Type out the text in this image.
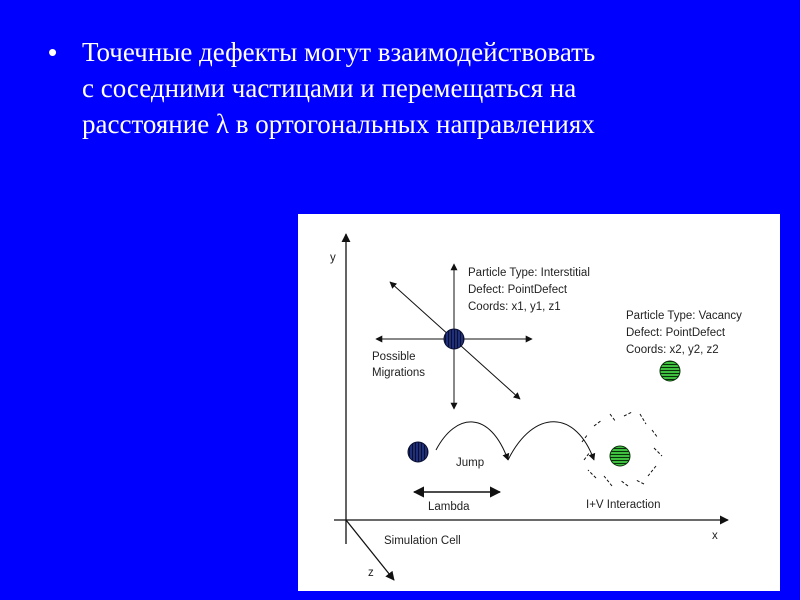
• Точечные дефекты могут взаимодействовать
с соседними частицами и перемещаться на
расстояние λ в ортогональных направлениях
y
x
z
Simulation Cell
Possible Migrations
Particle Type: Interstitial
Defect: PointDefect
Coords: x1, y1, z1
Particle Type: Vacancy
Defect: PointDefect
Coords: x2, y2, z2
Jump
Lambda	I+V Interaction
